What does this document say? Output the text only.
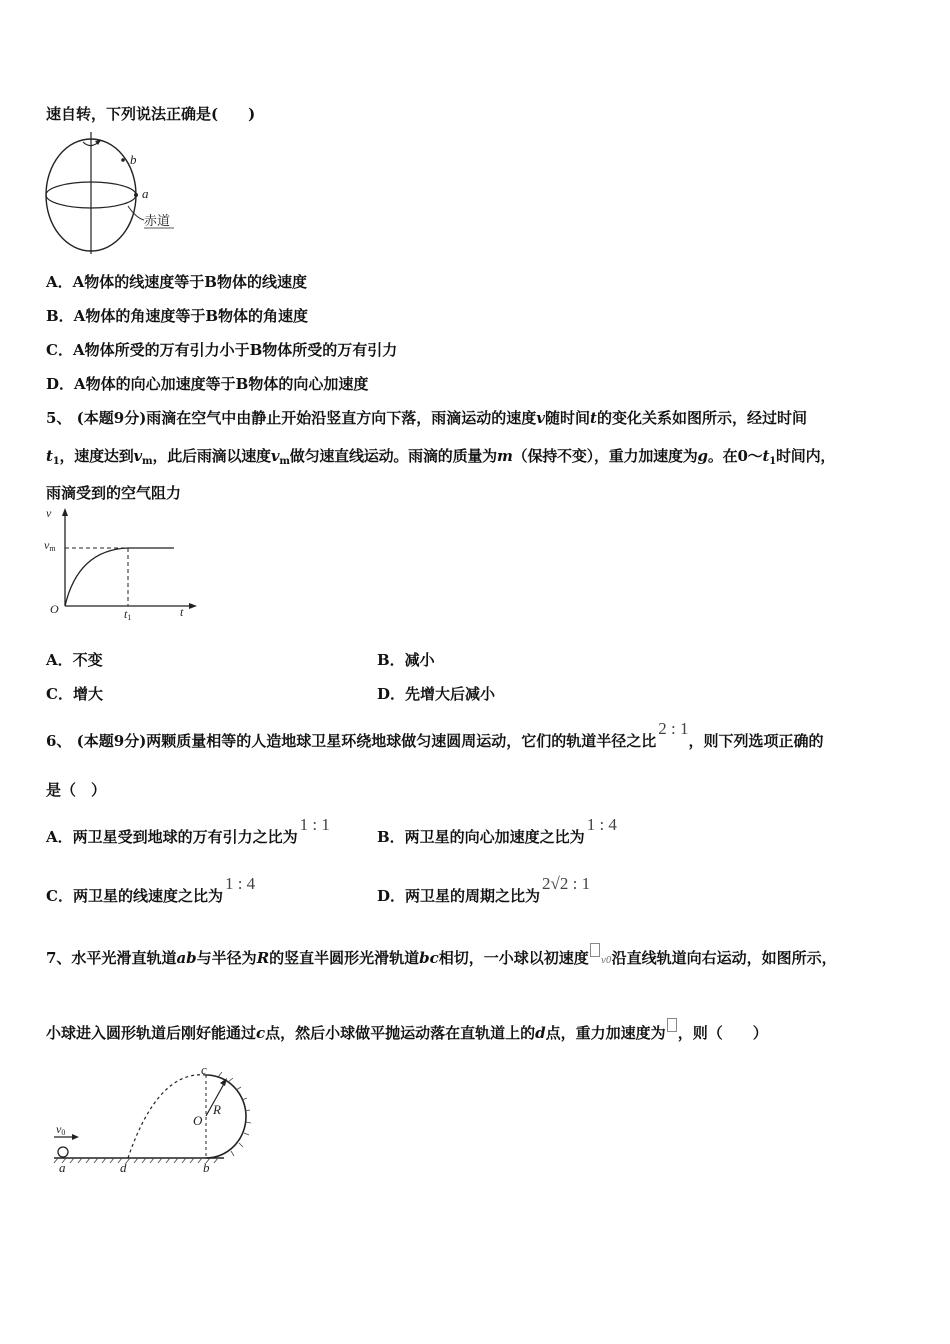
速自转，下列说法正确是(　　)
b
a
赤道
A．A物体的线速度等于B物体的线速度
B．A物体的角速度等于B物体的角速度
C．A物体所受的万有引力小于B物体所受的万有引力
D．A物体的向心加速度等于B物体的向心加速度
5、 (本题9分)雨滴在空气中由静止开始沿竖直方向下落，雨滴运动的速度v随时间t的变化关系如图所示，经过时间
$t_1$，速度达到$v_m$，此后雨滴以速度$v_m$做匀速直线运动。雨滴的质量为m（保持不变），重力加速度为g。在$0\sim t_1$时间内，
雨滴受到的空气阻力
v
vm
O	t1	t
A．不变	B．减小
C．增大	D．先增大后减小
6、 (本题9分)两颗质量相等的人造地球卫星环绕地球做匀速圆周运动，它们的轨道半径之比2 : 1，则下列选项正确的
是（　）
A．两卫星受到地球的万有引力之比为1 : 1
B．两卫星的向心加速度之比为1 : 4
C．两卫星的线速度之比为1 : 4
D．两卫星的周期之比为2√2 : 1
7、水平光滑直轨道ab与半径为R的竖直半圆形光滑轨道bc相切，一小球以初速度 v0沿直线轨道向右运动，如图所示，
小球进入圆形轨道后刚好能通过c点，然后小球做平抛运动落在直轨道上的d点，重力加速度为 ，则（　　）
v0
a	d	b
c
O
R
